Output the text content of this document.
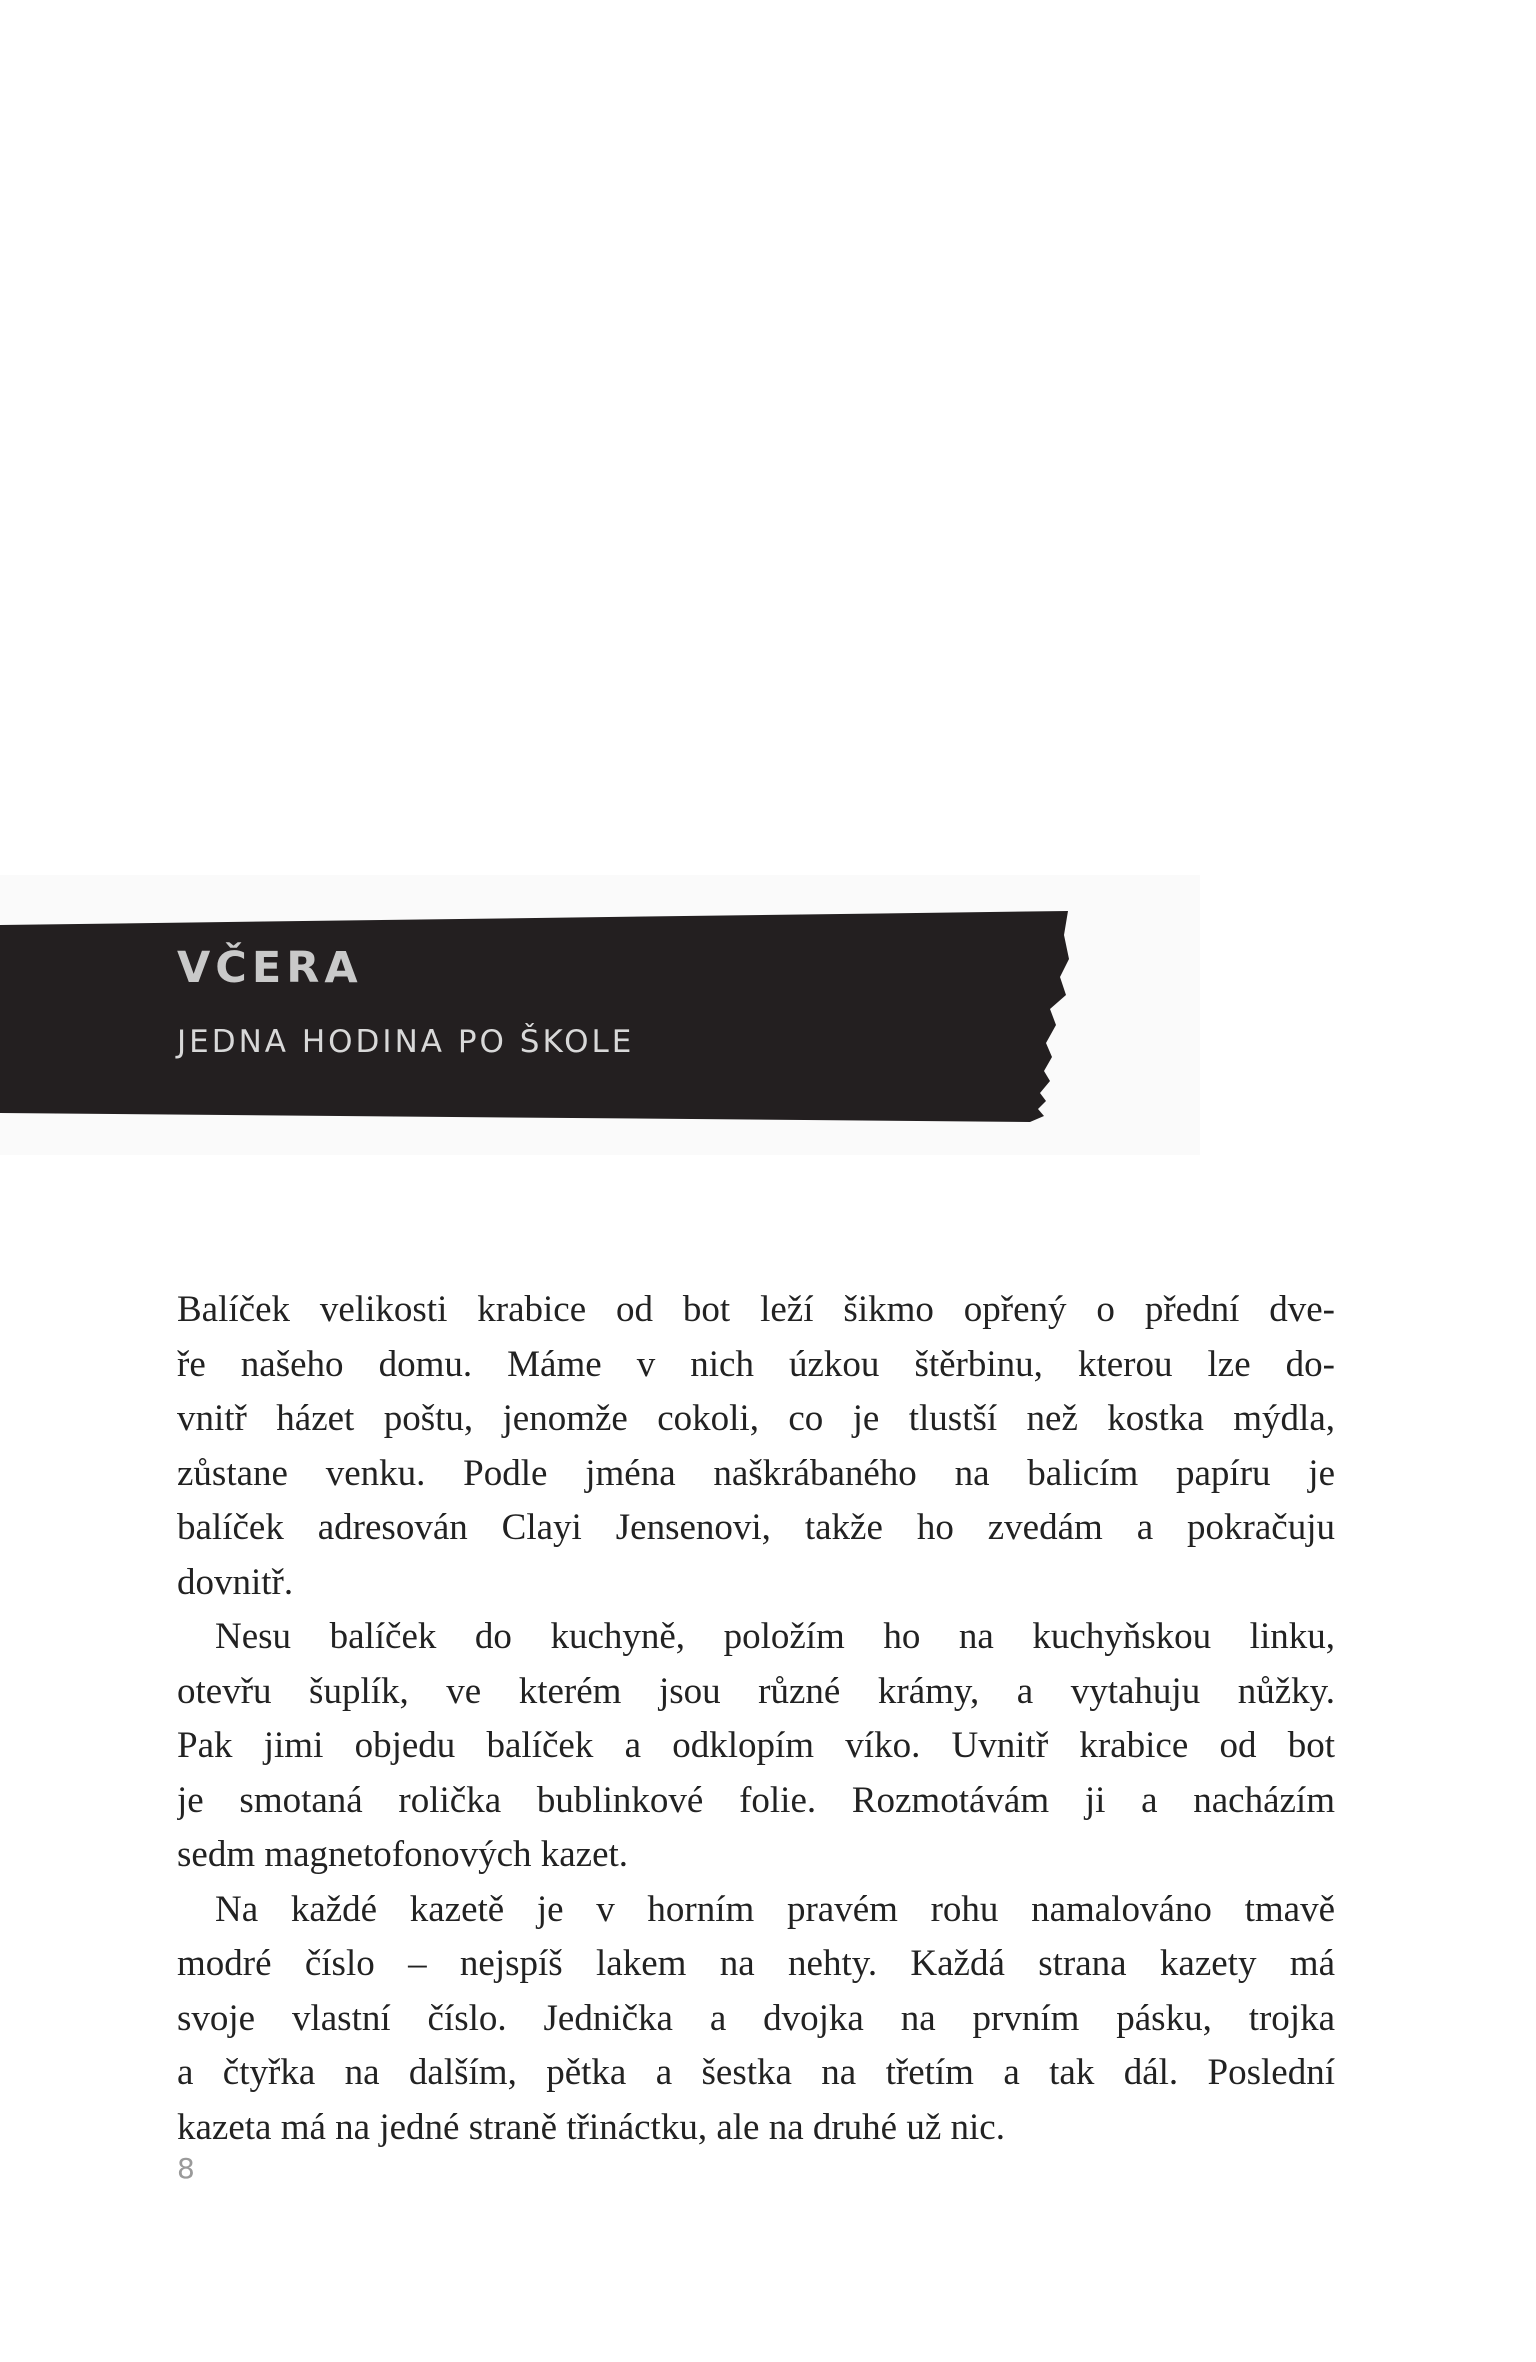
VČERA
JEDNA HODINA PO ŠKOLE

Balíček velikosti krabice od bot leží šikmo opřený o přední dve-
ře našeho domu. Máme v nich úzkou štěrbinu, kterou lze do-
vnitř házet poštu, jenomže cokoli, co je tlustší než kostka mýdla,
zůstane venku. Podle jména naškrábaného na balicím papíru je
balíček adresován Clayi Jensenovi, takže ho zvedám a pokračuju
dovnitř.

Nesu balíček do kuchyně, položím ho na kuchyňskou linku,
otevřu šuplík, ve kterém jsou různé krámy, a vytahuju nůžky.
Pak jimi objedu balíček a odklopím víko. Uvnitř krabice od bot
je smotaná rolička bublinkové folie. Rozmotávám ji a nacházím
sedm magnetofonových kazet.

Na každé kazetě je v horním pravém rohu namalováno tmavě
modré číslo – nejspíš lakem na nehty. Každá strana kazety má
svoje vlastní číslo. Jednička a dvojka na prvním pásku, trojka
a čtyřka na dalším, pětka a šestka na třetím a tak dál. Poslední
kazeta má na jedné straně třináctku, ale na druhé už nic.

8
